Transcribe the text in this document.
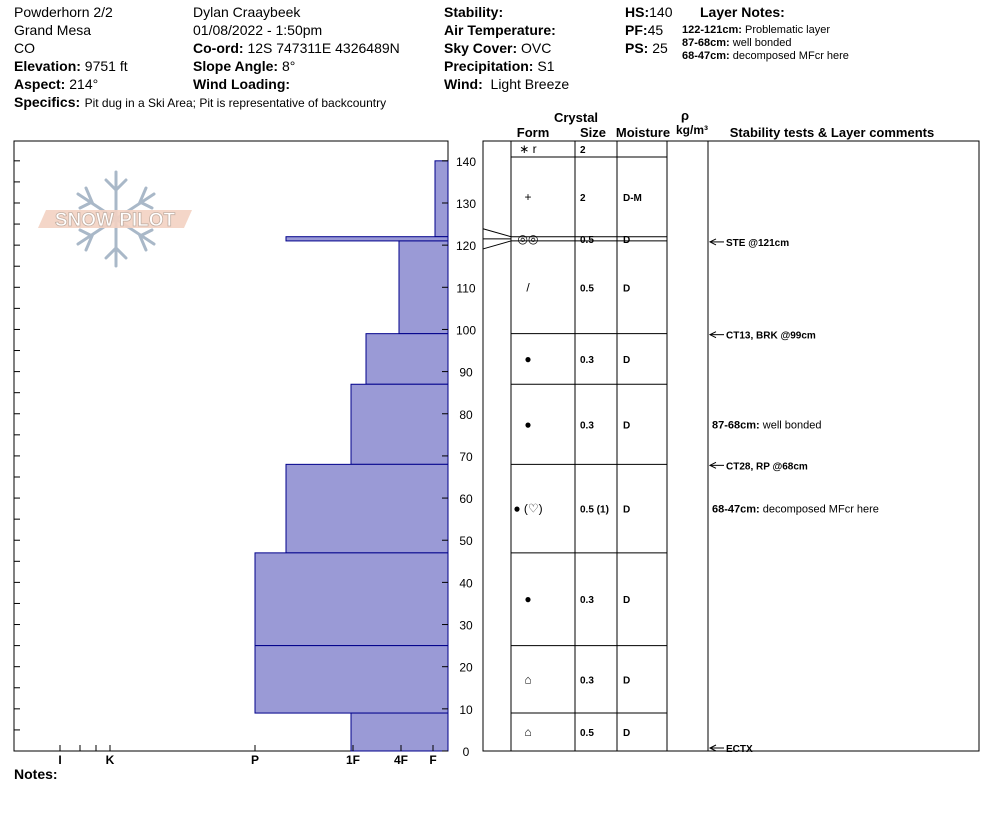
Powderhorn 2/2
Grand Mesa
CO
Elevation: 9751 ft
Aspect: 214°
Specifics: Pit dug in a Ski Area; Pit is representative of backcountry
Dylan Craaybeek
01/08/2022 - 1:50pm
Co-ord: 12S 747311E 4326489N
Slope Angle: 8°
Wind Loading:
Stability:
Air Temperature:
Sky Cover: OVC
Precipitation: S1
Wind: Light Breeze
HS:140
PF:45
PS: 25
Layer Notes:
122-121cm: Problematic layer
87-68cm: well bonded
68-47cm: decomposed MFcr here
Notes:
SNOW PILOT
0
10
20
30
40
50
60
70
80
90
100
110
120
130
140
I	K	P	1F	4F F
∗ r	2
+	2	D-M
◎◎	0.5	D
/	0.5	D
●	0.3	D
●	0.3	D
● (♡)	0.5 (1) D
●	0.3	D
⌂	0.3	D
⌂	0.5	D
STE @121cm
CT13, BRK @99cm
CT28, RP @68cm
ECTX
87-68cm: well bonded
68-47cm: decomposed MFcr here
Crystal
Form Size Moisture
ρ
kg/m³ Stability tests & Layer comments
